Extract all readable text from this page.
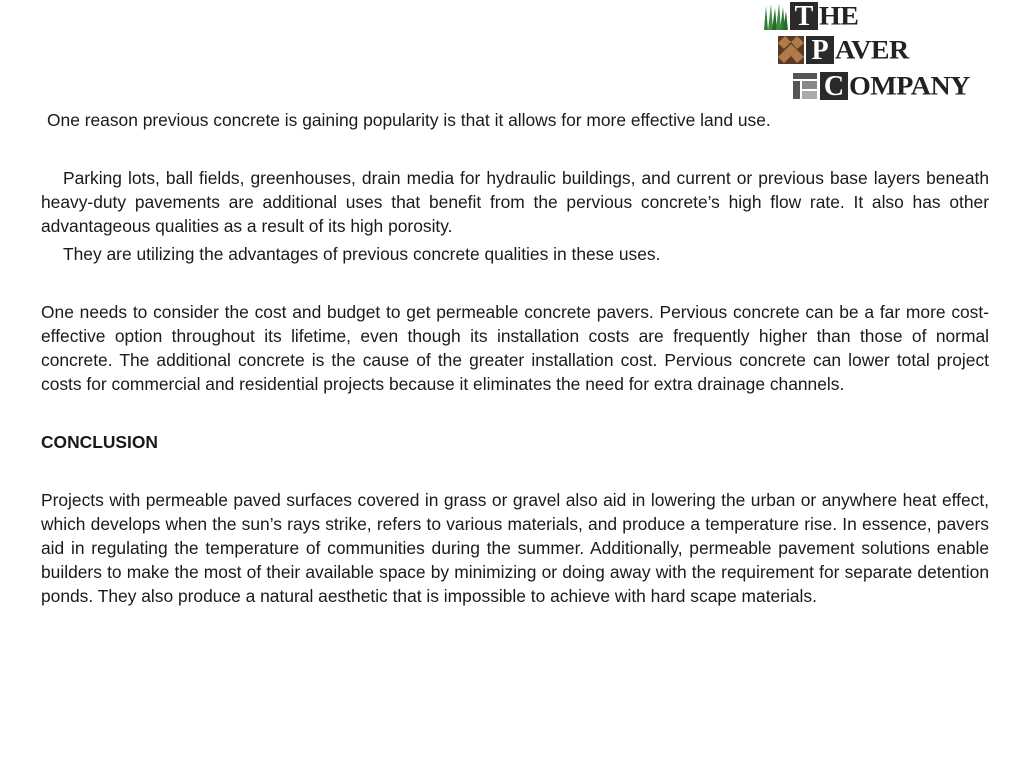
T HE
P AVER
C OMPANY

One reason previous concrete is gaining popularity is that it allows for more effective land use.

Parking lots, ball fields, greenhouses, drain media for hydraulic buildings, and current or previous base layers beneath heavy-duty pavements are additional uses that benefit from the pervious concrete’s high flow rate. It also has other advantageous qualities as a result of its high porosity.

They are utilizing the advantages of previous concrete qualities in these uses.

One needs to consider the cost and budget to get permeable concrete pavers. Pervious concrete can be a far more cost-effective option throughout its lifetime, even though its installation costs are frequently higher than those of normal concrete. The additional concrete is the cause of the greater installation cost. Pervious concrete can lower total project costs for commercial and residential projects because it eliminates the need for extra drainage channels.

CONCLUSION

Projects with permeable paved surfaces covered in grass or gravel also aid in lowering the urban or anywhere heat effect, which develops when the sun’s rays strike, refers to various materials, and produce a temperature rise. In essence, pavers aid in regulating the temperature of communities during the summer. Additionally, permeable pavement solutions enable builders to make the most of their available space by minimizing or doing away with the requirement for separate detention ponds. They also produce a natural aesthetic that is impossible to achieve with hard scape materials.
